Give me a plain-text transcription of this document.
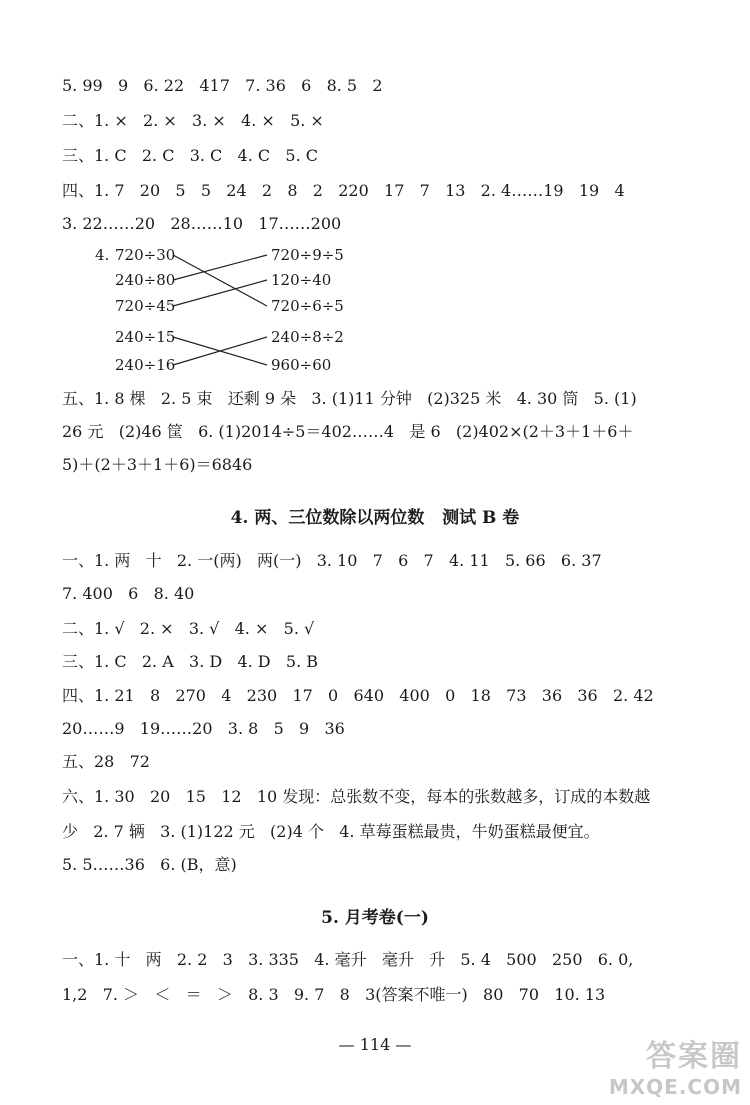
5. 99   9   6. 22   417   7. 36   6   8. 5   2
二、1. ×   2. ×   3. ×   4. ×   5. ×
三、1. C   2. C   3. C   4. C   5. C
四、1. 7   20   5   5   24   2   8   2   220   17   7   13   2. 4……19   19   4
3. 22……20   28……10   17……200
4. 720÷30
240÷80
720÷45
240÷15
240÷16
720÷9÷5
120÷40
720÷6÷5
240÷8÷2
960÷60
五、1. 8 棵   2. 5 束   还剩 9 朵   3. (1)11 分钟   (2)325 米   4. 30 筒   5. (1)
26 元   (2)46 筐   6. (1)2014÷5＝402……4   是 6   (2)402×(2＋3＋1＋6＋
5)＋(2＋3＋1＋6)＝6846
4. 两、三位数除以两位数   测试 B 卷
一、1. 两   十   2. 一(两)   两(一)   3. 10   7   6   7   4. 11   5. 66   6. 37
7. 400   6   8. 40
二、1. √   2. ×   3. √   4. ×   5. √
三、1. C   2. A   3. D   4. D   5. B
四、1. 21   8   270   4   230   17   0   640   400   0   18   73   36   36   2. 42
20……9   19……20   3. 8   5   9   36
五、28   72
六、1. 30   20   15   12   10 发现：总张数不变，每本的张数越多，订成的本数越
少   2. 7 辆   3. (1)122 元   (2)4 个   4. 草莓蛋糕最贵，牛奶蛋糕最便宜。
5. 5……36   6. (B，意)
5. 月考卷(一)
一、1. 十   两   2. 2   3   3. 335   4. 毫升   毫升   升   5. 4   500   250   6. 0,
1,2   7. ＞   ＜   ＝   ＞   8. 3   9. 7   8   3(答案不唯一)   80   70   10. 13
— 114 —	答案圈
MXQE.COM
